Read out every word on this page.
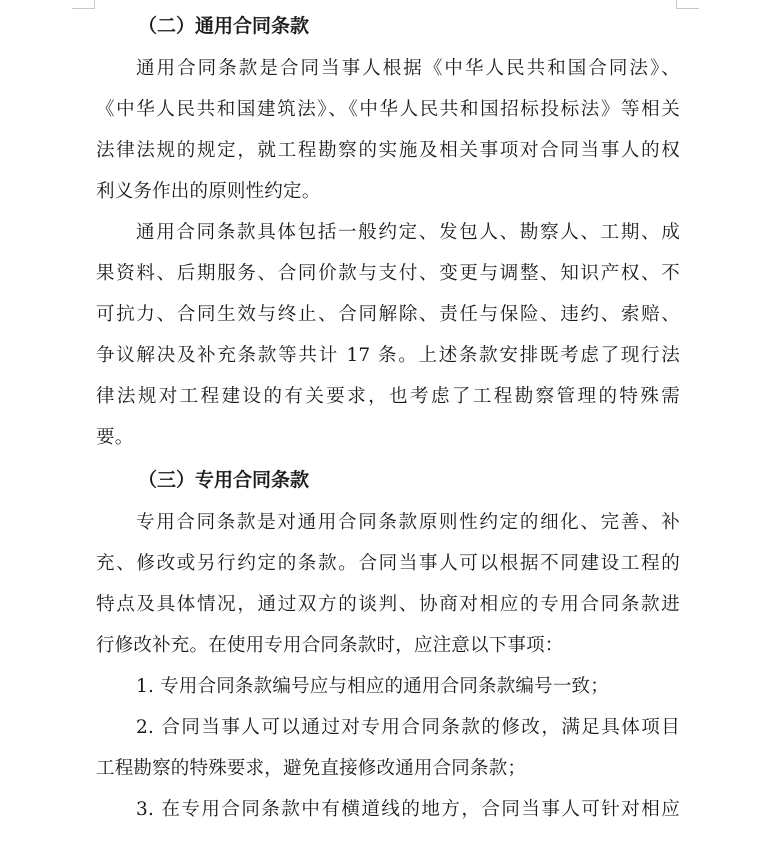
（二）通用合同条款
通用合同条款是合同当事人根据《中华人民共和国合同法》、
《中华人民共和国建筑法》、《中华人民共和国招标投标法》等相关
法律法规的规定，就工程勘察的实施及相关事项对合同当事人的权
利义务作出的原则性约定。
通用合同条款具体包括一般约定、发包人、勘察人、工期、成
果资料、后期服务、合同价款与支付、变更与调整、知识产权、不
可抗力、合同生效与终止、合同解除、责任与保险、违约、索赔、
争议解决及补充条款等共计 17 条。上述条款安排既考虑了现行法
律法规对工程建设的有关要求，也考虑了工程勘察管理的特殊需
要。
（三）专用合同条款
专用合同条款是对通用合同条款原则性约定的细化、完善、补
充、修改或另行约定的条款。合同当事人可以根据不同建设工程的
特点及具体情况，通过双方的谈判、协商对相应的专用合同条款进
行修改补充。在使用专用合同条款时，应注意以下事项：
1. 专用合同条款编号应与相应的通用合同条款编号一致；
2. 合同当事人可以通过对专用合同条款的修改，满足具体项目
工程勘察的特殊要求，避免直接修改通用合同条款；
3. 在专用合同条款中有横道线的地方，合同当事人可针对相应
